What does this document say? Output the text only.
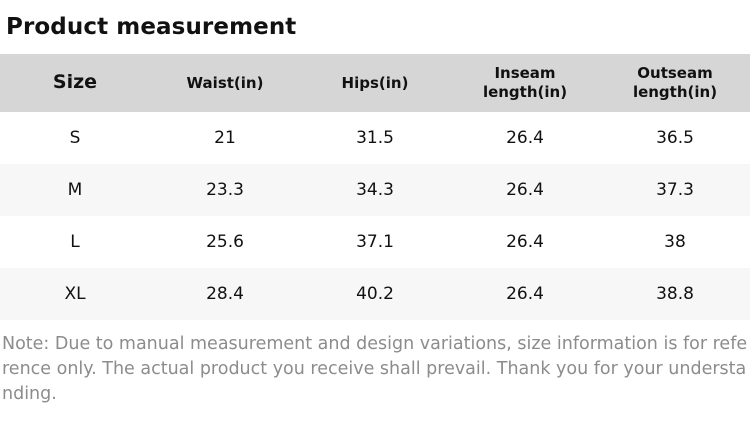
Product measurement
Size	Waist(in)	Hips(in)	Inseam length(in)	Outseam length(in)
S	21	31.5	26.4	36.5
M	23.3	34.3	26.4	37.3
L	25.6	37.1	26.4	38
XL	28.4	40.2	26.4	38.8
Note: Due to manual measurement and design variations, size information is for reference only. The actual product you receive shall prevail. Thank you for your understanding.
